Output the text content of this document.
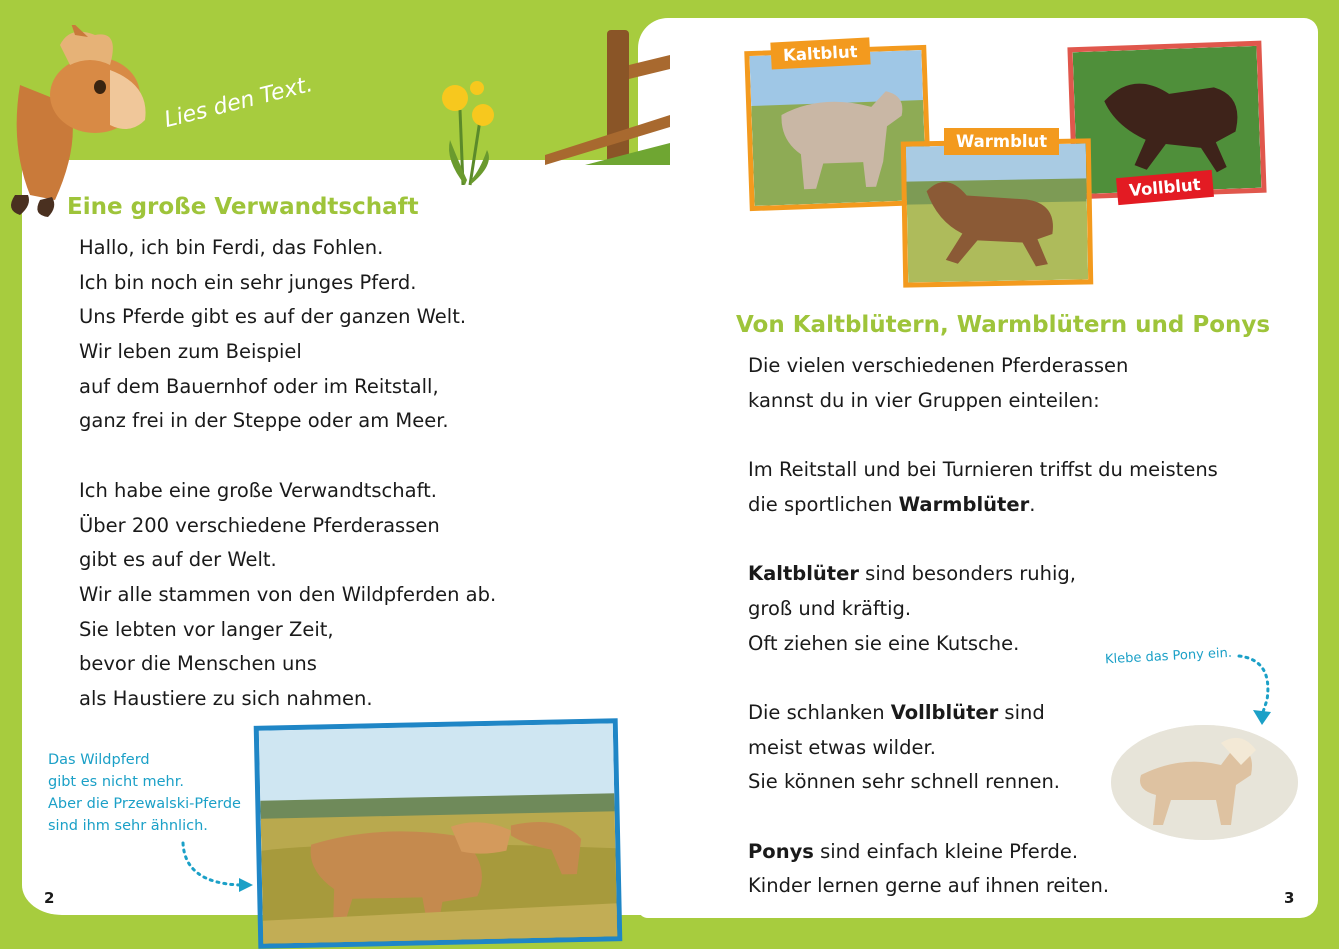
Lies den Text.
Eine große Verwandtschaft
Hallo, ich bin Ferdi, das Fohlen.
Ich bin noch ein sehr junges Pferd.
Uns Pferde gibt es auf der ganzen Welt.
Wir leben zum Beispiel
auf dem Bauernhof oder im Reitstall,
ganz frei in der Steppe oder am Meer.
Ich habe eine große Verwandtschaft.
Über 200 verschiedene Pferderassen
gibt es auf der Welt.
Wir alle stammen von den Wildpferden ab.
Sie lebten vor langer Zeit,
bevor die Menschen uns
als Haustiere zu sich nahmen.
Das Wildpferd
gibt es nicht mehr.
Aber die Przewalski-Pferde
sind ihm sehr ähnlich.
2
Kaltblut
Vollblut
Warmblut
Von Kaltblütern, Warmblütern und Ponys
Die vielen verschiedenen Pferderassen
kannst du in vier Gruppen einteilen:
Im Reitstall und bei Turnieren triffst du meistens
die sportlichen Warmblüter.
Kaltblüter sind besonders ruhig,
groß und kräftig.
Oft ziehen sie eine Kutsche.
Die schlanken Vollblüter sind
meist etwas wilder.
Sie können sehr schnell rennen.
Ponys sind einfach kleine Pferde.
Kinder lernen gerne auf ihnen reiten.
Klebe das Pony ein.
3
